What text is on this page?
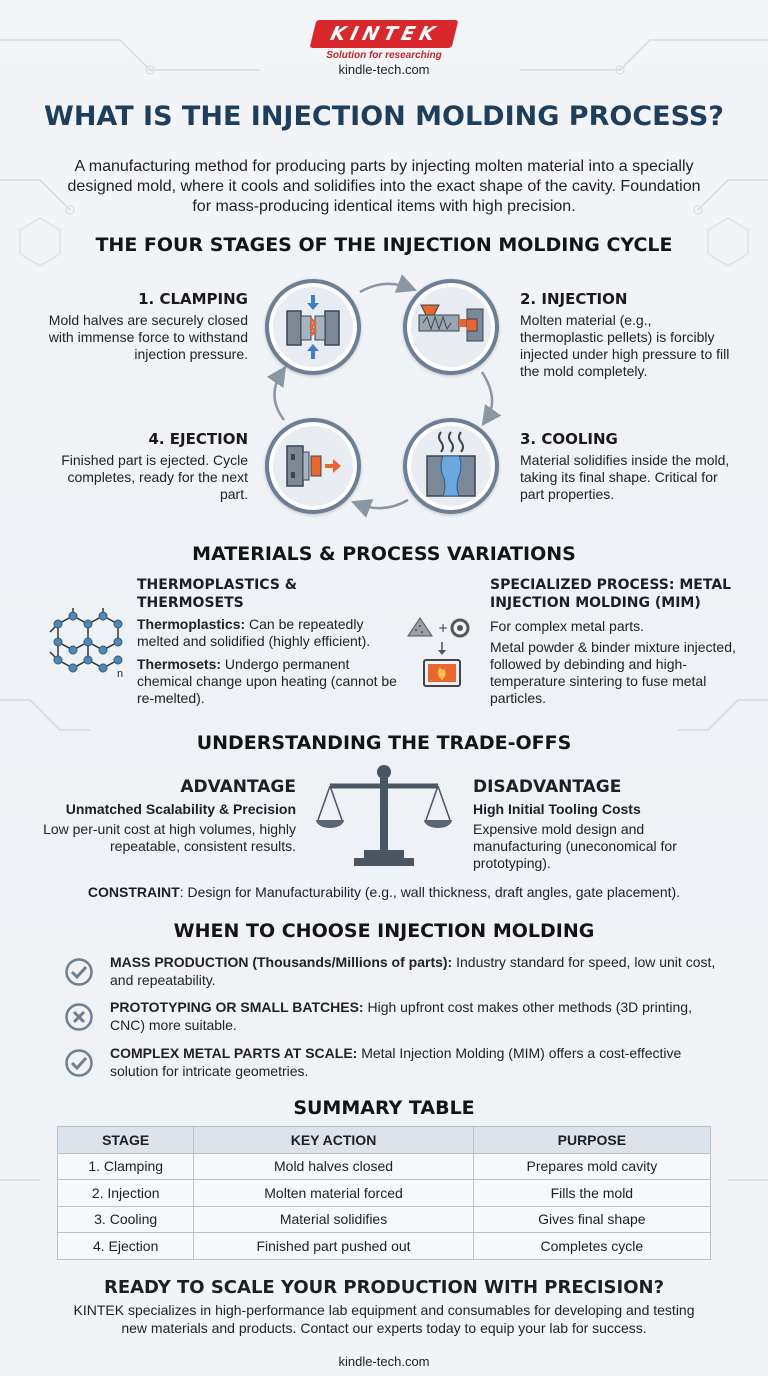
KINTEK
Solution for researching
kindle-tech.com
WHAT IS THE INJECTION MOLDING PROCESS?
A manufacturing method for producing parts by injecting molten material into a specially designed mold, where it cools and solidifies into the exact shape of the cavity. Foundation for mass-producing identical items with high precision.
THE FOUR STAGES OF THE INJECTION MOLDING CYCLE
1. CLAMPING
Mold halves are securely closed with immense force to withstand injection pressure.
2. INJECTION
Molten material (e.g., thermoplastic pellets) is forcibly injected under high pressure to fill the mold completely.
4. EJECTION
Finished part is ejected. Cycle completes, ready for the next part.
3. COOLING
Material solidifies inside the mold, taking its final shape. Critical for part properties.
MATERIALS & PROCESS VARIATIONS
n
THERMOPLASTICS &
THERMOSETS
Thermoplastics: Can be repeatedly melted and solidified (highly efficient).
Thermosets: Undergo permanent chemical change upon heating (cannot be re-melted).
+
SPECIALIZED PROCESS: METAL
INJECTION MOLDING (MIM)
For complex metal parts.
Metal powder & binder mixture injected, followed by debinding and high-temperature sintering to fuse metal particles.
UNDERSTANDING THE TRADE-OFFS
ADVANTAGE
Unmatched Scalability & Precision
Low per-unit cost at high volumes, highly repeatable, consistent results.
DISADVANTAGE
High Initial Tooling Costs
Expensive mold design and manufacturing (uneconomical for prototyping).
CONSTRAINT: Design for Manufacturability (e.g., wall thickness, draft angles, gate placement).
WHEN TO CHOOSE INJECTION MOLDING
MASS PRODUCTION (Thousands/Millions of parts): Industry standard for speed, low unit cost, and repeatability.
PROTOTYPING OR SMALL BATCHES: High upfront cost makes other methods (3D printing, CNC) more suitable.
COMPLEX METAL PARTS AT SCALE: Metal Injection Molding (MIM) offers a cost-effective solution for intricate geometries.
SUMMARY TABLE
STAGE	KEY ACTION	PURPOSE
1. Clamping	Mold halves closed	Prepares mold cavity
2. Injection	Molten material forced	Fills the mold
3. Cooling	Material solidifies	Gives final shape
4. Ejection	Finished part pushed out	Completes cycle
READY TO SCALE YOUR PRODUCTION WITH PRECISION?
KINTEK specializes in high-performance lab equipment and consumables for developing and testing new materials and products. Contact our experts today to equip your lab for success.
kindle-tech.com
